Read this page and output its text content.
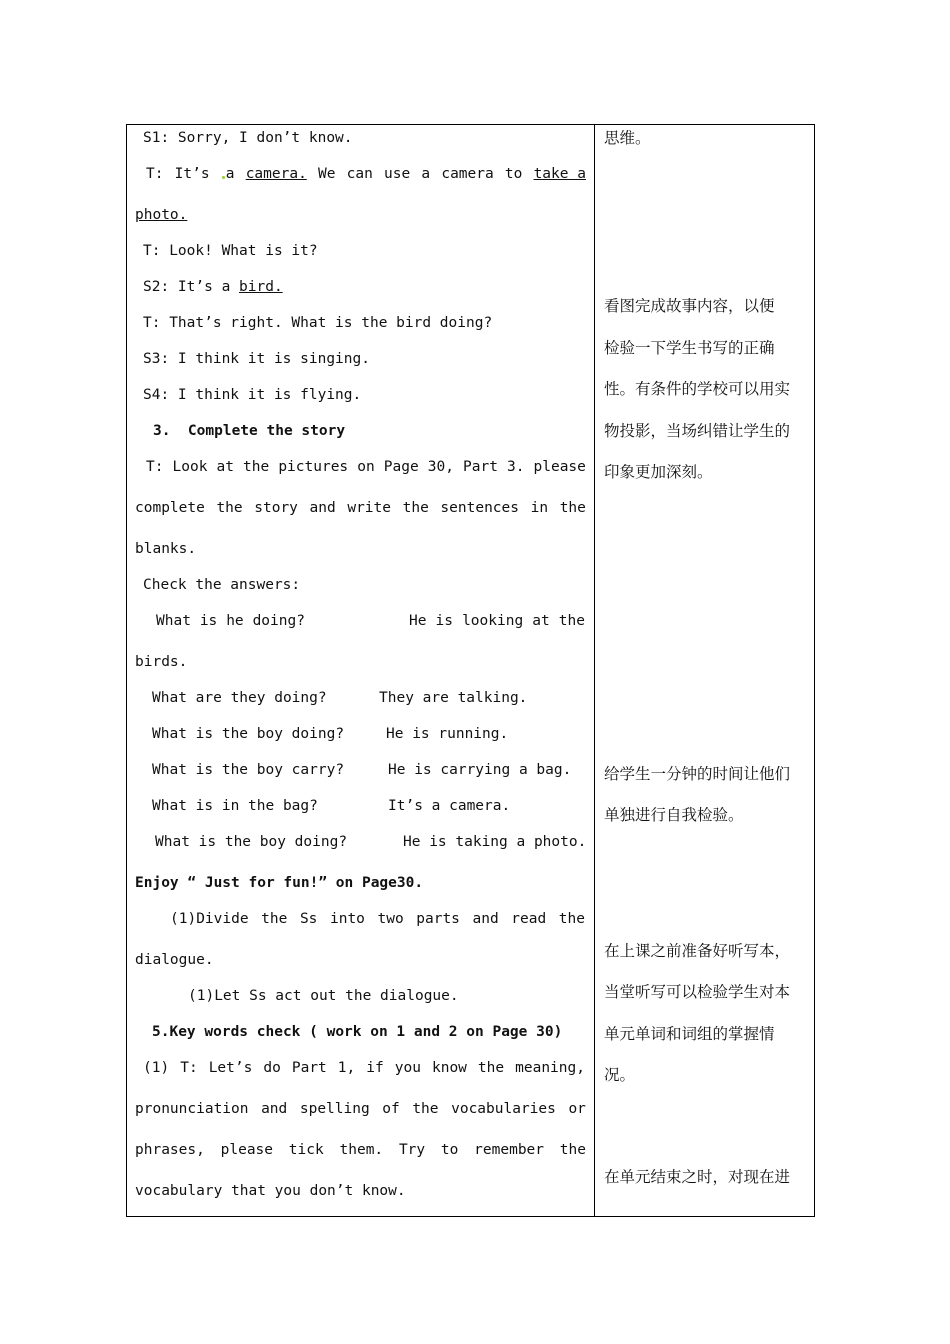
S1: Sorry, I don’t know.
T: It’s	a camera. We can use a camera to take a
photo.
T: Look! What is it?
S2: It’s a bird.
T: That’s right. What is the bird doing?
S3: I think it is singing.
S4: I think it is flying.
3.  Complete the story
T: Look at the pictures on Page 30, Part 3. please
complete the story and write the sentences in the
blanks.
Check the answers:
What is he doing?	He is looking at the
birds.
What are they doing?	They are talking.
What is the boy doing?	He is running.
What is the boy carry?	He is carrying a bag.
What is in the bag?	It’s a camera.
What is the boy doing?	He is taking a photo.
Enjoy “ Just for fun!” on Page30.
(1)Divide the Ss into two parts and read the
dialogue.
(1)Let Ss act out the dialogue.
5.Key words check ( work on 1 and 2 on Page 30)
(1) T: Let’s do Part 1, if you know the meaning,
pronunciation and spelling of the vocabularies or
phrases, please tick them. Try to remember the
vocabulary that you don’t know.
思维。
看图完成故事内容，以便
检验一下学生书写的正确
性。有条件的学校可以用实
物投影，当场纠错让学生的
印象更加深刻。
给学生一分钟的时间让他们
单独进行自我检验。
在上课之前准备好听写本，
当堂听写可以检验学生对本
单元单词和词组的掌握情
况。
在单元结束之时，对现在进
